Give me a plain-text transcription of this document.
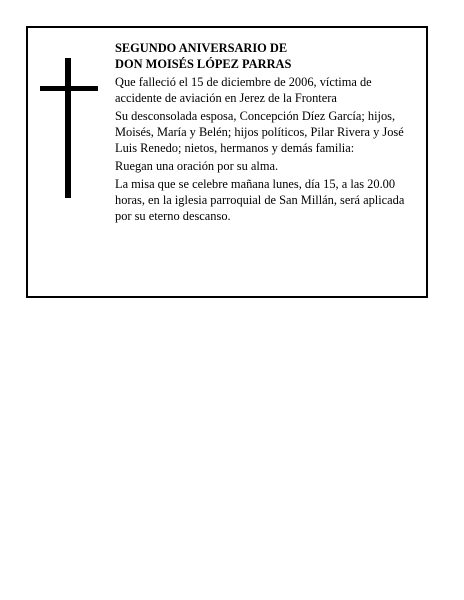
SEGUNDO ANIVERSARIO DE

DON MOISÉS LÓPEZ PARRAS

Que falleció el 15 de diciembre de 2006, víctima de accidente de aviación en Jerez de la Frontera

Su desconsolada esposa, Concepción Díez García; hijos, Moisés, María y Belén; hijos políticos, Pilar Rivera y José Luis Renedo; nietos, hermanos y demás familia:

Ruegan una oración por su alma.

La misa que se celebre mañana lunes, día 15, a las 20.00 horas, en la iglesia parroquial de San Millán, será aplicada por su eterno descanso.
